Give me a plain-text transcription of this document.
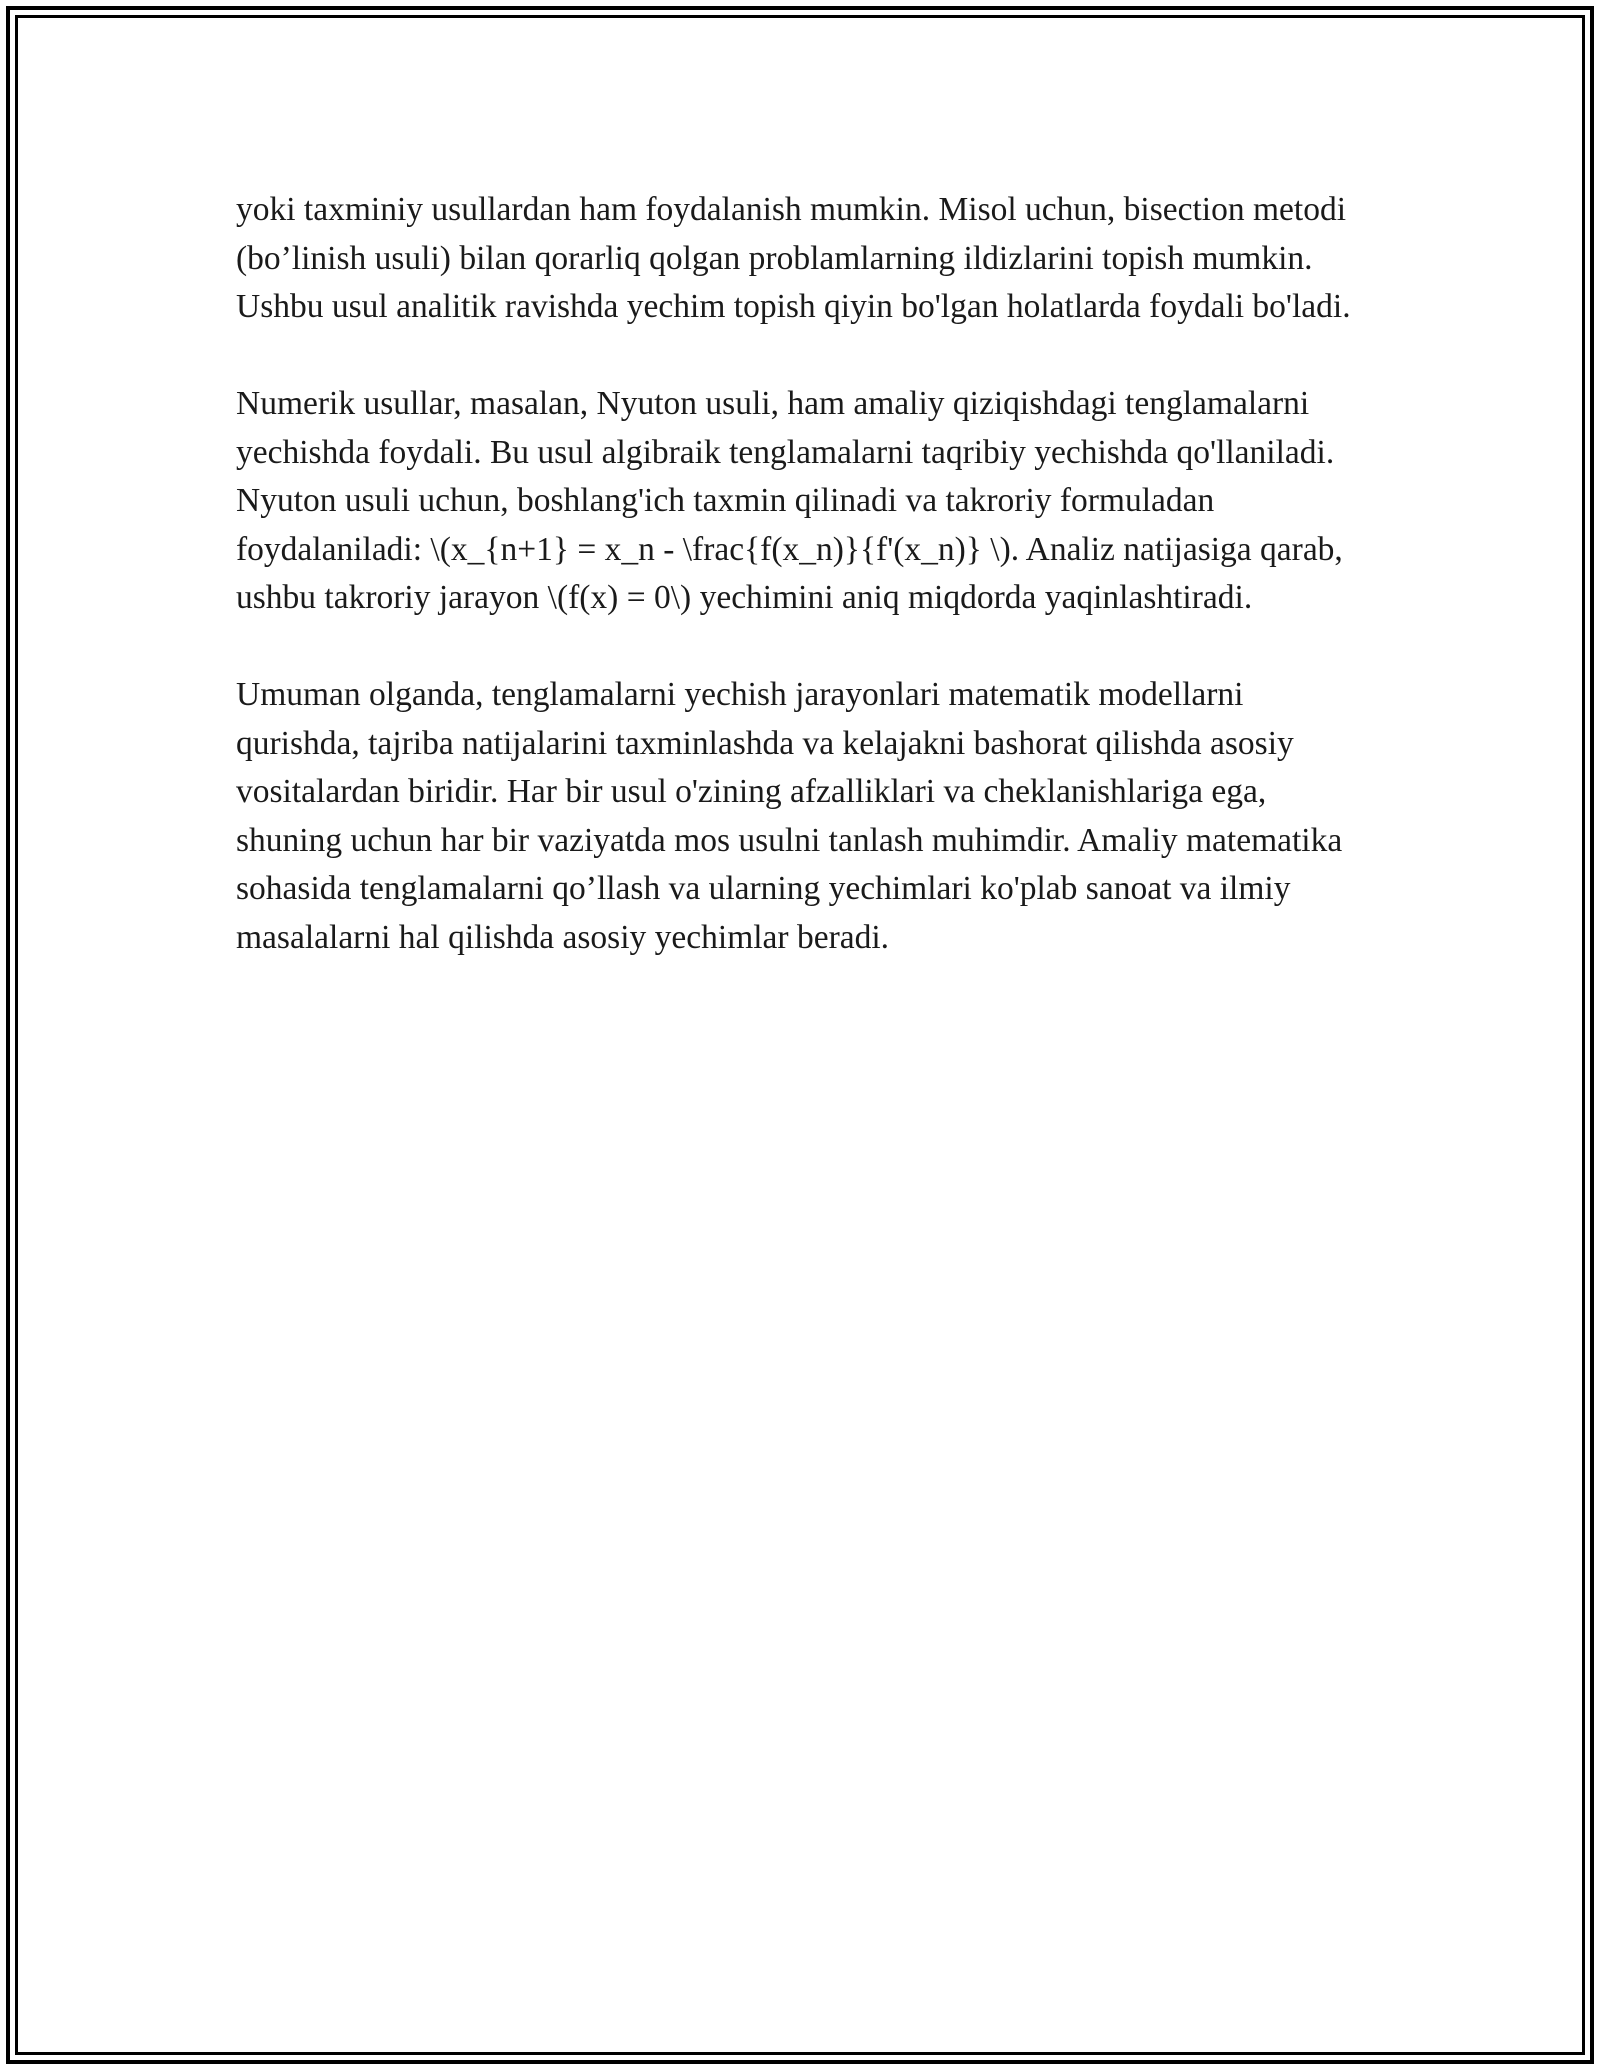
yoki taxminiy usullardan ham foydalanish mumkin. Misol uchun, bisection metodi (bo’linish usuli) bilan qorarliq qolgan problamlarning ildizlarini topish mumkin. Ushbu usul analitik ravishda yechim topish qiyin bo'lgan holatlarda foydali bo'ladi.

Numerik usullar, masalan, Nyuton usuli, ham amaliy qiziqishdagi tenglamalarni yechishda foydali. Bu usul algibraik tenglamalarni taqribiy yechishda qo'llaniladi. Nyuton usuli uchun, boshlang'ich taxmin qilinadi va takroriy formuladan foydalaniladi: \(x_{n+1} = x_n - \frac{f(x_n)}{f'(x_n)} \). Analiz natijasiga qarab, ushbu takroriy jarayon \(f(x) = 0\) yechimini aniq miqdorda yaqinlashtiradi.

Umuman olganda, tenglamalarni yechish jarayonlari matematik modellarni qurishda, tajriba natijalarini taxminlashda va kelajakni bashorat qilishda asosiy vositalardan biridir. Har bir usul o'zining afzalliklari va cheklanishlariga ega, shuning uchun har bir vaziyatda mos usulni tanlash muhimdir. Amaliy matematika sohasida tenglamalarni qo’llash va ularning yechimlari ko'plab sanoat va ilmiy masalalarni hal qilishda asosiy yechimlar beradi.
